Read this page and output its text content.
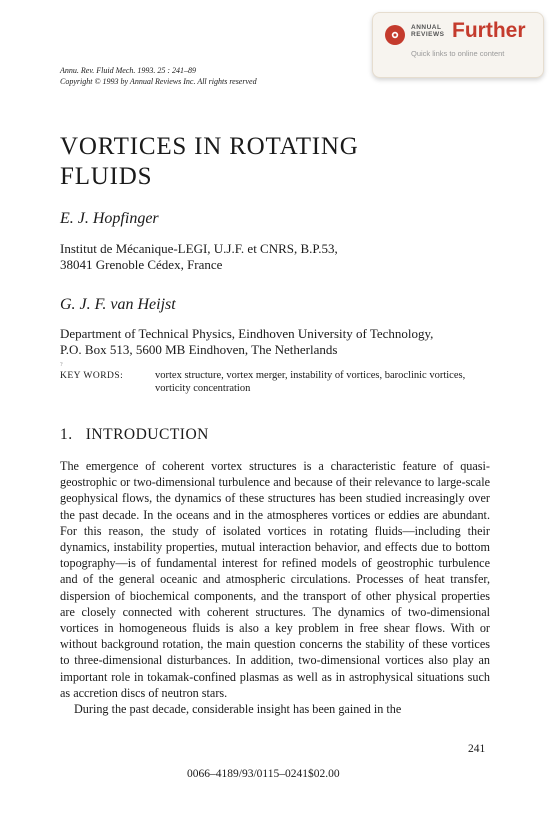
ANNUAL
REVIEWS Further
Quick links to online content
Annu. Rev. Fluid Mech. 1993. 25 : 241–89
Copyright © 1993 by Annual Reviews Inc. All rights reserved
VORTICES IN ROTATING
FLUIDS
E. J. Hopfinger
Institut de Mécanique-LEGI, U.J.F. et CNRS, B.P.53,
38041 Grenoble Cédex, France
G. J. F. van Heijst
Department of Technical Physics, Eindhoven University of Technology,
P.O. Box 513, 5600 MB Eindhoven, The Netherlands
?
KEY WORDS:	vortex structure, vortex merger, instability of vortices, baroclinic vortices, vorticity concentration
1. INTRODUCTION

The emergence of coherent vortex structures is a characteristic feature of quasi-geostrophic or two-dimensional turbulence and because of their relevance to large-scale geophysical flows, the dynamics of these structures has been studied increasingly over the past decade. In the oceans and in the atmospheres vortices or eddies are abundant. For this reason, the study of isolated vortices in rotating fluids—including their dynamics, instability properties, mutual interaction behavior, and effects due to bottom topography—is of fundamental interest for refined models of geostrophic turbulence and of the general oceanic and atmospheric circulations. Processes of heat transfer, dispersion of biochemical components, and the transport of other physical properties are closely connected with coherent structures. The dynamics of two-dimensional vortices in homogeneous fluids is also a key problem in free shear flows. With or without background rotation, the main question concerns the stability of these vortices to three-dimensional disturbances. In addition, two-dimensional vortices also play an important role in tokamak-confined plasmas as well as in astrophysical situations such as accretion discs of neutron stars.

During the past decade, considerable insight has been gained in the

241
0066–4189/93/0115–0241$02.00
